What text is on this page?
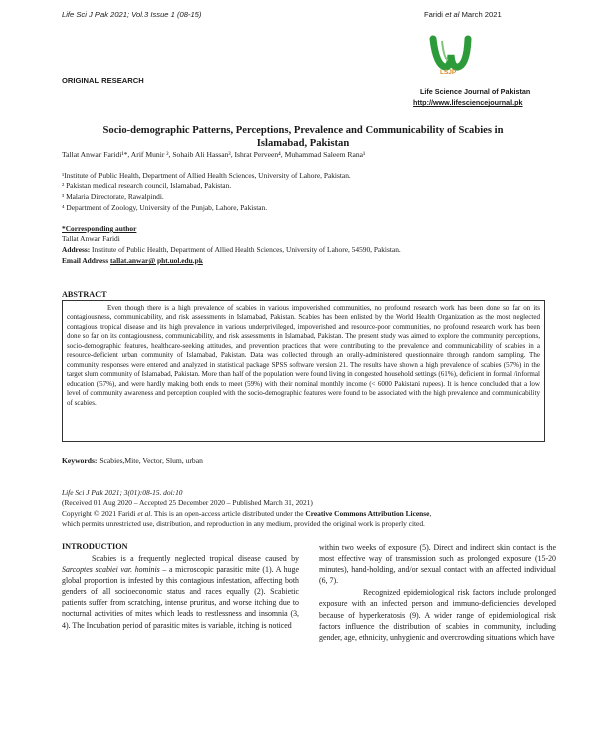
Life Sci J Pak 2021; Vol.3 Issue 1 (08-15)	Faridi et al March 2021
LSJP
ORIGINAL RESEARCH
Life Science Journal of Pakistan
http://www.lifesciencejournal.pk
Socio-demographic Patterns, Perceptions, Prevalence and Communicability of Scabies in
Islamabad, Pakistan
Tallat Anwar Faridi¹*, Arif Munir ², Sohaib Ali Hassan³, Ishrat Perveen⁴, Muhammad Saleem Rana¹
¹Institute of Public Health, Department of Allied Health Sciences, University of Lahore, Pakistan.
² Pakistan medical research council, Islamabad, Pakistan.
³ Malaria Directorate, Rawalpindi.
⁴ Department of Zoology, University of the Punjab, Lahore, Pakistan.
*Corresponding author
Tallat Anwar Faridi
Address: Institute of Public Health, Department of Allied Health Sciences, University of Lahore, 54590, Pakistan.
Email Address tallat.anwar@ pht.uol.edu.pk
ABSTRACT

Even though there is a high prevalence of scabies in various impoverished communities, no profound research work has been done so far on its contagiousness, communicability, and risk assessments in Islamabad, Pakistan. Scabies has been enlisted by the World Health Organization as the most neglected contagious tropical disease and its high prevalence in various underprivileged, impoverished and resource-poor communities, no profound research work has been done so far on its contagiousness, communicability, and risk assessments in Islamabad, Pakistan. The present study was aimed to explore the community perceptions, socio-demographic features, healthcare-seeking attitudes, and prevention practices that were contributing to the prevalence and communicability of scabies in a resource-deficient urban community of Islamabad, Pakistan. Data was collected through an orally-administered questionnaire through random sampling. The community responses were entered and analyzed in statistical package SPSS software version 21. The results have shown a high prevalence of scabies (57%) in the target slum community of Islamabad, Pakistan. More than half of the population were found living in congested household settings (61%), deficient in formal /informal education (57%), and were hardly making both ends to meet (59%) with their nominal monthly income (< 6000 Pakistani rupees). It is hence concluded that a low level of community awareness and perception coupled with the socio-demographic features were found to be associated with the high prevalence and communicability of scabies.

Keywords: Scabies,Mite, Vector, Slum, urban
Life Sci J Pak 2021; 3(01):08-15. doi:10
(Received 01 Aug 2020 – Accepted 25 December 2020 – Published March 31, 2021)
Copyright © 2021 Faridi et al. This is an open-access article distributed under the Creative Commons Attribution License,
which permits unrestricted use, distribution, and reproduction in any medium, provided the original work is properly cited.
INTRODUCTION

Scabies is a frequently neglected tropical disease caused by Sarcoptes scabiei var. hominis – a microscopic parasitic mite (1). A huge global proportion is infested by this contagious infestation, affecting both genders of all socioeconomic status and races equally (2). Scabietic patients suffer from scratching, intense pruritus, and worse itching due to nocturnal activities of mites which leads to restlessness and insomnia (3, 4). The Incubation period of parasitic mites is variable, itching is noticed

within two weeks of exposure (5). Direct and indirect skin contact is the most effective way of transmission such as prolonged exposure (15-20 minutes), hand-holding, and/or sexual contact with an affected individual (6, 7).

Recognized epidemiological risk factors include prolonged exposure with an infected person and immuno-deficiencies developed because of hyperkeratosis (9). A wider range of epidemiological risk factors influence the distribution of scabies in community, including gender, age, ethnicity, unhygienic and overcrowding situations which have
